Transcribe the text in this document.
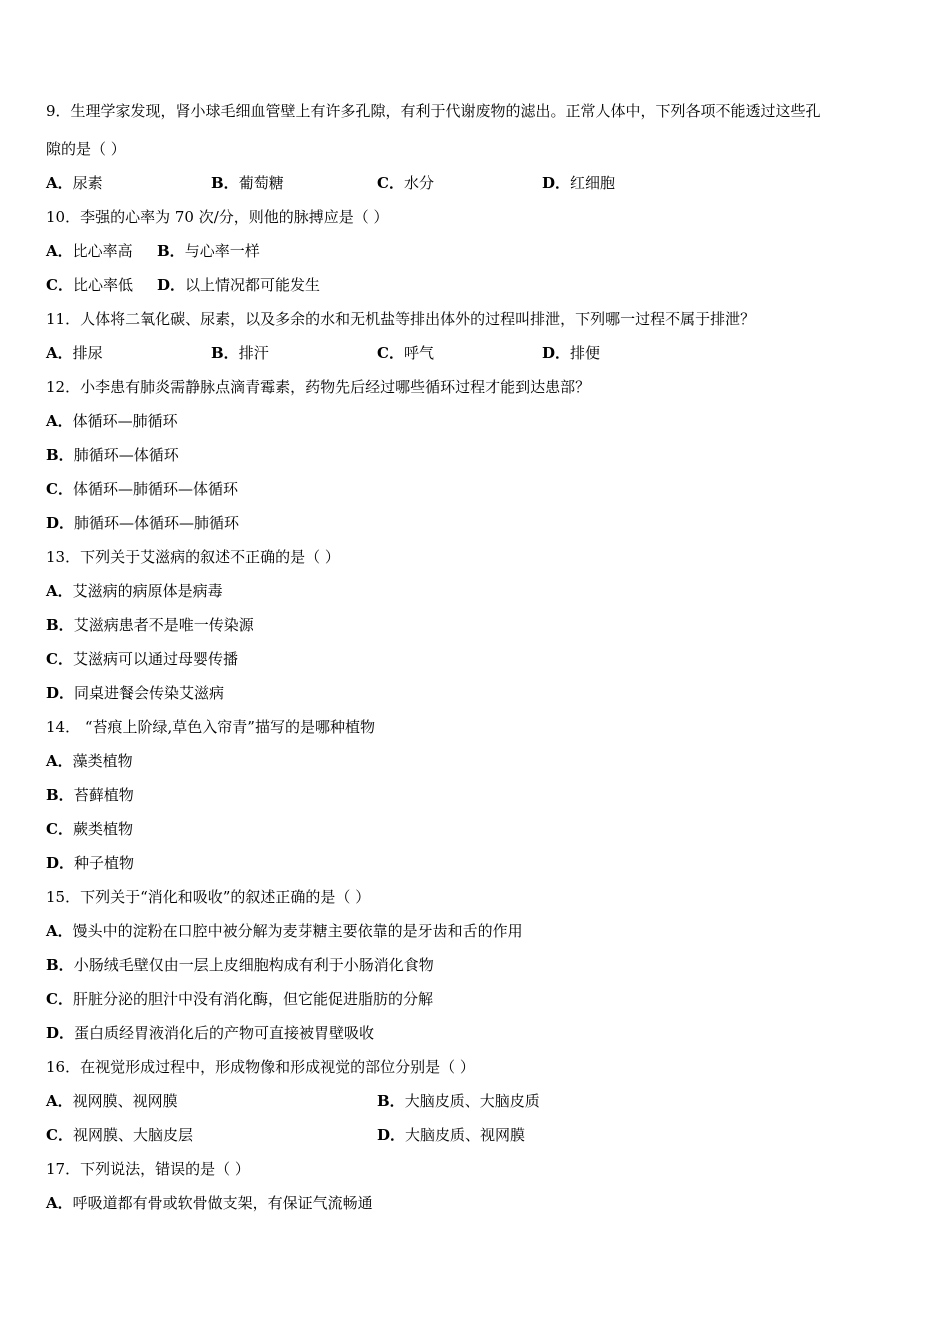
9．生理学家发现，肾小球毛细血管壁上有许多孔隙，有利于代谢废物的滤出。正常人体中，下列各项不能透过这些孔
隙的是（ ）
A．尿素	B．葡萄糖	C．水分	D．红细胞
10．李强的心率为 70 次/分，则他的脉搏应是（ ）
A．比心率高 B．与心率一样
C．比心率低 D．以上情况都可能发生
11．人体将二氧化碳、尿素，以及多余的水和无机盐等排出体外的过程叫排泄，下列哪一过程不属于排泄？
A．排尿	B．排汗	C．呼气	D．排便
12．小李患有肺炎需静脉点滴青霉素，药物先后经过哪些循环过程才能到达患部？
A．体循环—肺循环
B．肺循环—体循环
C．体循环—肺循环—体循环
D．肺循环—体循环—肺循环
13．下列关于艾滋病的叙述不正确的是（ ）
A．艾滋病的病原体是病毒
B．艾滋病患者不是唯一传染源
C．艾滋病可以通过母婴传播
D．同桌进餐会传染艾滋病
14． “苔痕上阶绿,草色入帘青”描写的是哪种植物
A．藻类植物
B．苔藓植物
C．蕨类植物
D．种子植物
15．下列关于“消化和吸收”的叙述正确的是（ ）
A．馒头中的淀粉在口腔中被分解为麦芽糖主要依靠的是牙齿和舌的作用
B．小肠绒毛壁仅由一层上皮细胞构成有利于小肠消化食物
C．肝脏分泌的胆汁中没有消化酶，但它能促进脂肪的分解
D．蛋白质经胃液消化后的产物可直接被胃壁吸收
16．在视觉形成过程中，形成物像和形成视觉的部位分别是（ ）
A．视网膜、视网膜	B．大脑皮质、大脑皮质
C．视网膜、大脑皮层	D．大脑皮质、视网膜
17．下列说法，错误的是（ ）
A．呼吸道都有骨或软骨做支架，有保证气流畅通
